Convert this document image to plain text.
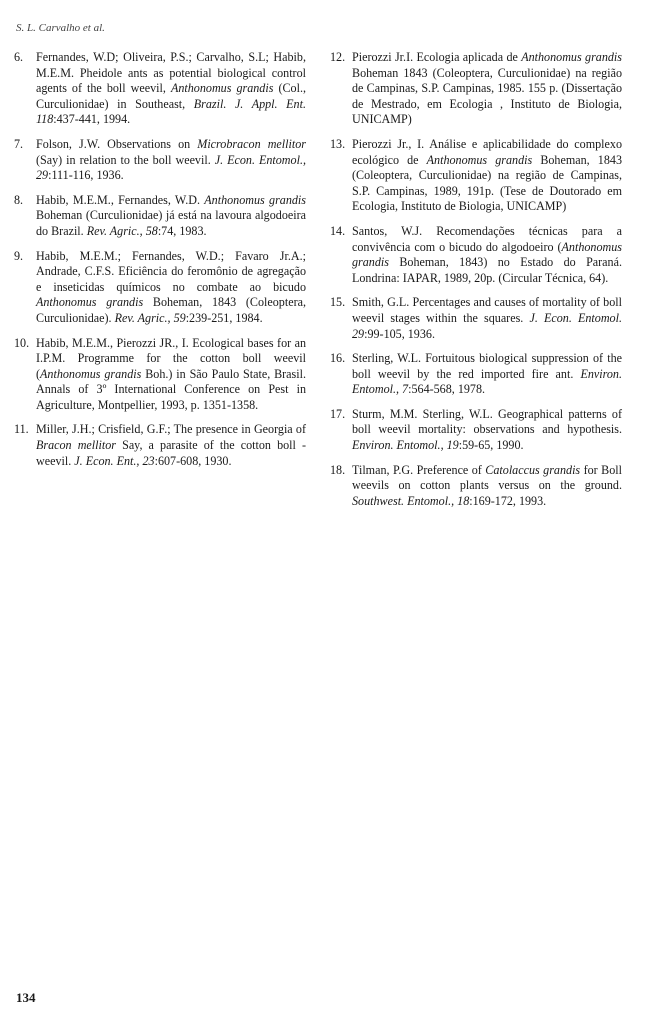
S. L. Carvalho et al.
6.	Fernandes, W.D; Oliveira, P.S.; Carvalho, S.L; Habib, M.E.M. Pheidole ants as potential biological control agents of the boll weevil, Anthonomus grandis (Col., Curculionidae) in Southeast, Brazil. J. Appl. Ent. 118:437-441, 1994.
7.	Folson, J.W. Observations on Microbracon mellitor (Say) in relation to the boll weevil. J. Econ. Entomol., 29:111-116, 1936.
8.	Habib, M.E.M., Fernandes, W.D. Anthonomus grandis Boheman (Curculionidae) já está na lavoura algodoeira do Brazil. Rev. Agric., 58:74, 1983.
9.	Habib, M.E.M.; Fernandes, W.D.; Favaro Jr.A.; Andrade, C.F.S. Eficiência do feromônio de agregação e inseticidas químicos no combate ao bicudo Anthonomus grandis Boheman, 1843 (Coleoptera, Curculionidae). Rev. Agric., 59:239-251, 1984.
10. Habib, M.E.M., Pierozzi JR., I. Ecological bases for an I.P.M. Programme for the cotton boll weevil (Anthonomus grandis Boh.) in São Paulo State, Brasil. Annals of 3º International Conference on Pest in Agriculture, Montpellier, 1993, p. 1351-1358.
11. Miller, J.H.; Crisfield, G.F.; The presence in Georgia of Bracon mellitor Say, a parasite of the cotton boll - weevil. J. Econ. Ent., 23:607-608, 1930.
12. Pierozzi Jr.I. Ecologia aplicada de Anthonomus grandis Boheman 1843 (Coleoptera, Curculionidae) na região de Campinas, S.P. Campinas, 1985. 155 p. (Dissertação de Mestrado, em Ecologia , Instituto de Biologia, UNICAMP)
13. Pierozzi Jr., I. Análise e aplicabilidade do complexo ecológico de Anthonomus grandis Boheman, 1843 (Coleoptera, Curculionidae) na região de Campinas, S.P. Campinas, 1989, 191p. (Tese de Doutorado em Ecologia, Instituto de Biologia, UNICAMP)
14. Santos, W.J. Recomendações técnicas para a convivência com o bicudo do algodoeiro (Anthonomus grandis Boheman, 1843) no Estado do Paraná. Londrina: IAPAR, 1989, 20p. (Circular Técnica, 64).
15. Smith, G.L. Percentages and causes of mortality of boll weevil stages within the squares. J. Econ. Entomol. 29:99-105, 1936.
16. Sterling, W.L. Fortuitous biological suppression of the boll weevil by the red imported fire ant. Environ. Entomol., 7:564-568, 1978.
17. Sturm, M.M. Sterling, W.L. Geographical patterns of boll weevil mortality: observations and hypothesis. Environ. Entomol., 19:59-65, 1990.
18. Tilman, P.G. Preference of Catolaccus grandis for Boll weevils on cotton plants versus on the ground. Southwest. Entomol., 18:169-172, 1993.
134
